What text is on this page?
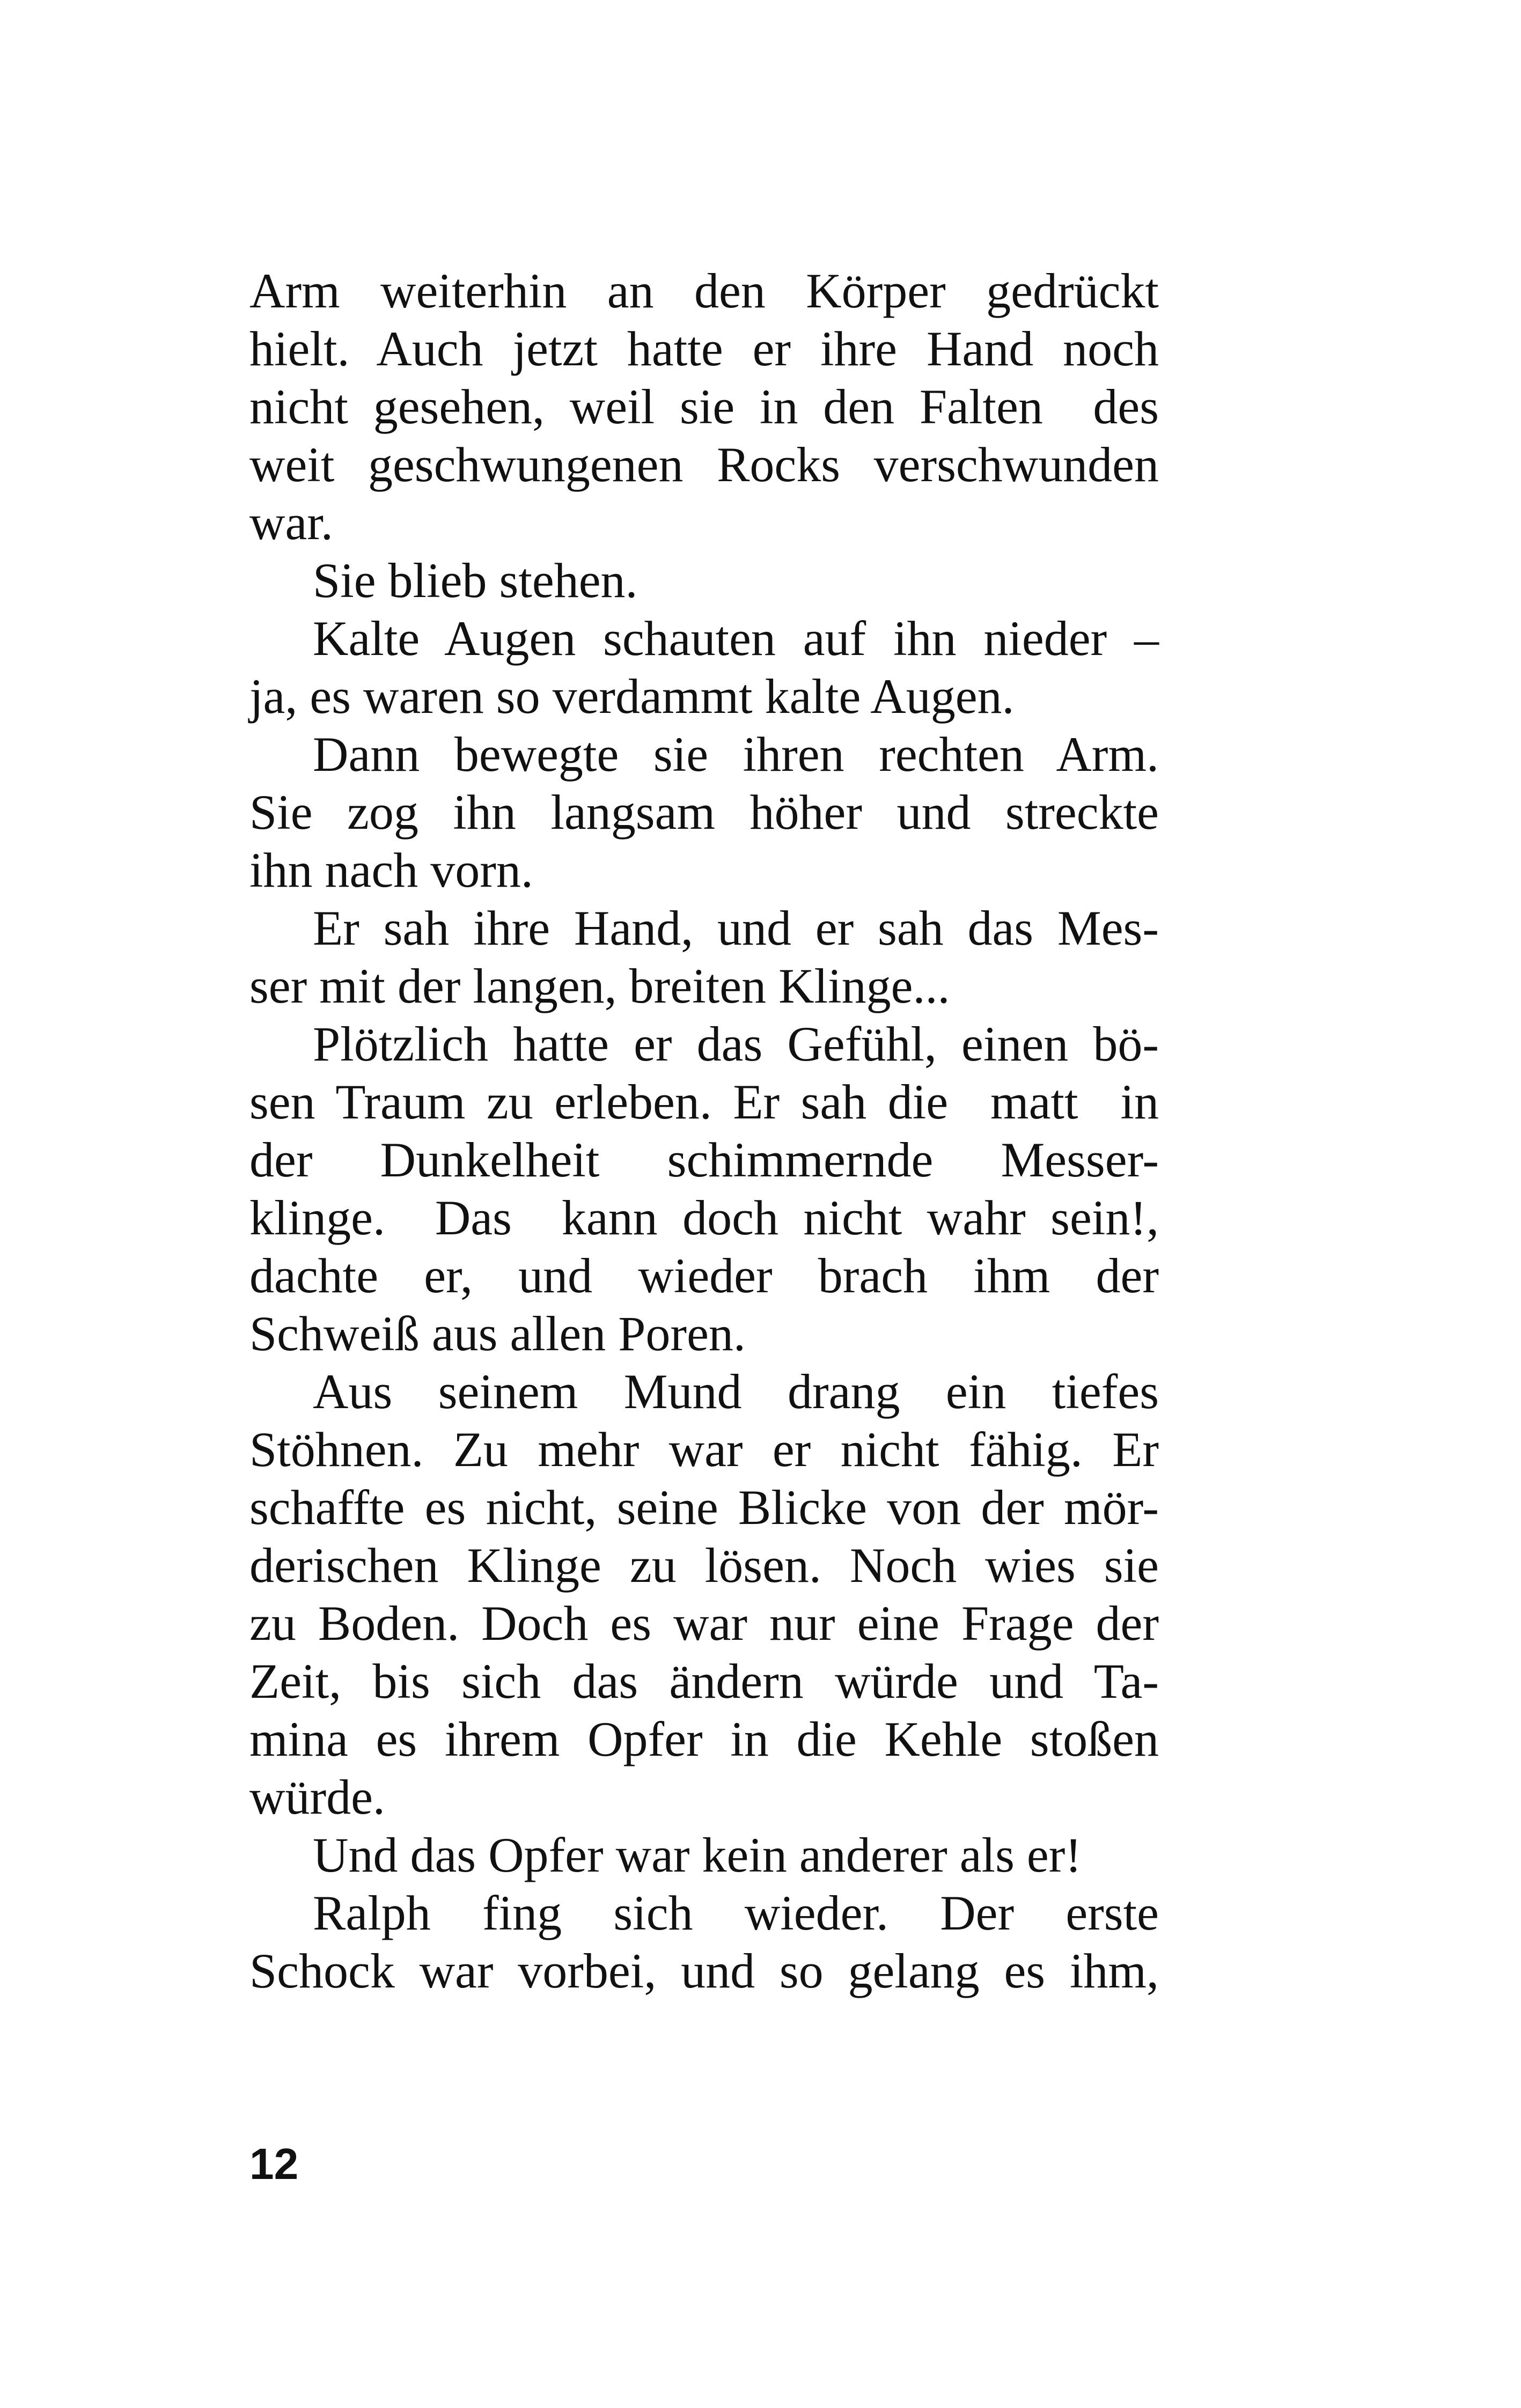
Arm weiterhin an den Körper gedrückt
hielt. Auch jetzt hatte er ihre Hand noch
nicht gesehen, weil sie in den Falten  des
weit geschwungenen Rocks verschwunden
war.
Sie blieb stehen.
Kalte Augen schauten auf ihn nieder –
ja, es waren so verdammt kalte Augen.
Dann bewegte sie ihren rechten Arm.
Sie zog ihn langsam höher und streckte
ihn nach vorn.
Er sah ihre Hand, und er sah das Mes-
ser mit der langen, breiten Klinge...
Plötzlich hatte er das Gefühl, einen bö-
sen Traum zu erleben. Er sah die  matt  in
der Dunkelheit schimmernde Messer-
klinge.  Das  kann doch nicht wahr sein!,
dachte er, und wieder brach ihm der
Schweiß aus allen Poren.
Aus seinem Mund drang ein tiefes
Stöhnen. Zu mehr war er nicht fähig. Er
schaffte es nicht, seine Blicke von der mör-
derischen Klinge zu lösen. Noch wies sie
zu Boden. Doch es war nur eine Frage der
Zeit, bis sich das ändern würde und Ta-
mina es ihrem Opfer in die Kehle stoßen
würde.
Und das Opfer war kein anderer als er!
Ralph fing sich wieder. Der erste
Schock war vorbei, und so gelang es ihm,
12
